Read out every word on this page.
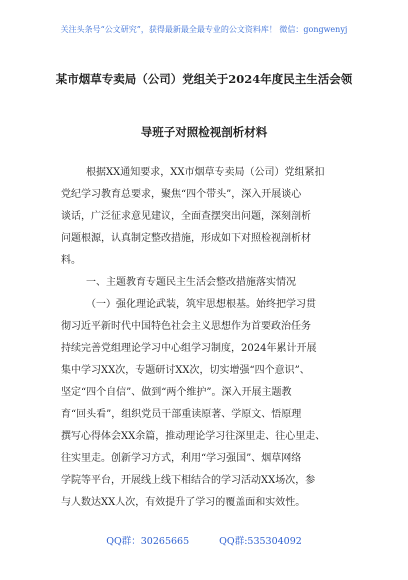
关注头条号“公文研究”，获得最新最全最专业的公文资料库！ 微信：gongwenyj
某市烟草专卖局（公司）党组关于2024年度民主生活会领
导班子对照检视剖析材料
根据XX通知要求，XX市烟草专卖局（公司）党组紧扣
党纪学习教育总要求，聚焦“四个带头”，深入开展谈心
谈话，广泛征求意见建议，全面查摆突出问题，深刻剖析
问题根源，认真制定整改措施，形成如下对照检视剖析材
料。
一、主题教育专题民主生活会整改措施落实情况
（一）强化理论武装，筑牢思想根基。始终把学习贯
彻习近平新时代中国特色社会主义思想作为首要政治任务
持续完善党组理论学习中心组学习制度，2024年累计开展
集中学习XX次，专题研讨XX次，切实增强“四个意识”、
坚定“四个自信”、做到“两个维护”。深入开展主题教
育“回头看”，组织党员干部重读原著、学原文、悟原理
撰写心得体会XX余篇，推动理论学习往深里走、往心里走、
往实里走。创新学习方式，利用“学习强国”、烟草网络
学院等平台，开展线上线下相结合的学习活动XX场次，参
与人数达XX人次，有效提升了学习的覆盖面和实效性。
QQ群：30265665	QQ群:535304092
